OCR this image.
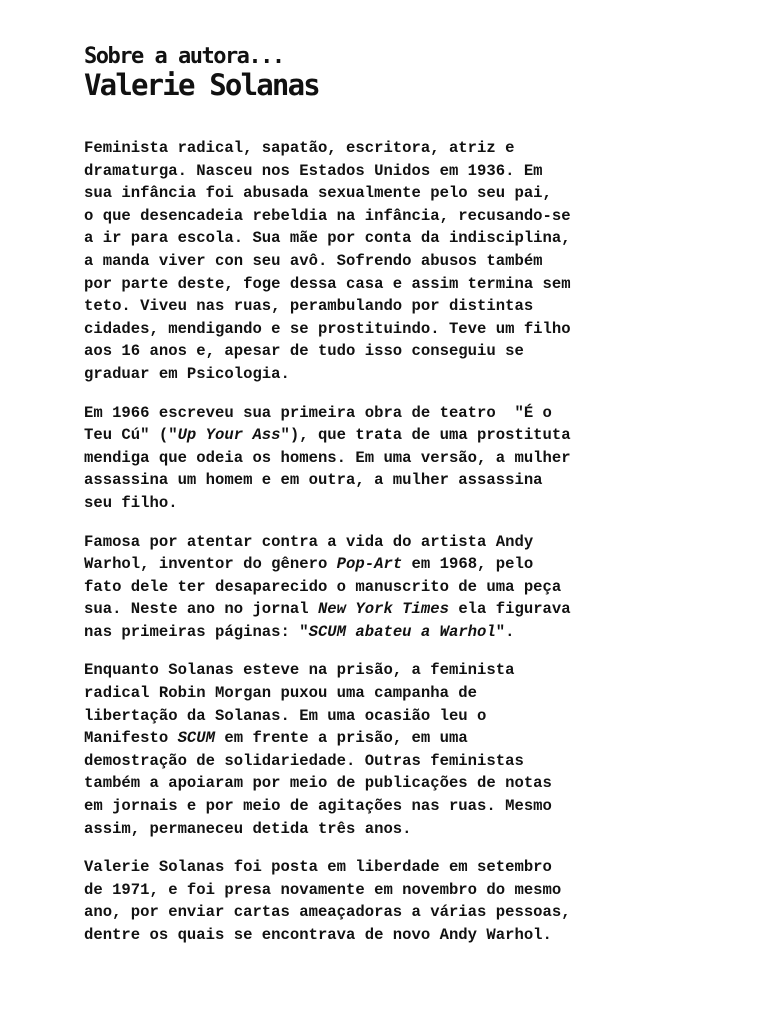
Sobre a autora...
Valerie Solanas

Feminista radical, sapatão, escritora, atriz e
dramaturga. Nasceu nos Estados Unidos em 1936. Em
sua infância foi abusada sexualmente pelo seu pai,
o que desencadeia rebeldia na infância, recusando-se
a ir para escola. Sua mãe por conta da indisciplina,
a manda viver con seu avô. Sofrendo abusos também
por parte deste, foge dessa casa e assim termina sem
teto. Viveu nas ruas, perambulando por distintas
cidades, mendigando e se prostituindo. Teve um filho
aos 16 anos e, apesar de tudo isso conseguiu se
graduar em Psicologia.

Em 1966 escreveu sua primeira obra de teatro  "É o
Teu Cú" ("Up Your Ass"), que trata de uma prostituta
mendiga que odeia os homens. Em uma versão, a mulher
assassina um homem e em outra, a mulher assassina
seu filho.

Famosa por atentar contra a vida do artista Andy
Warhol, inventor do gênero Pop-Art em 1968, pelo
fato dele ter desaparecido o manuscrito de uma peça
sua. Neste ano no jornal New York Times ela figurava
nas primeiras páginas: "SCUM abateu a Warhol".

Enquanto Solanas esteve na prisão, a feminista
radical Robin Morgan puxou uma campanha de
libertação da Solanas. Em uma ocasião leu o
Manifesto SCUM em frente a prisão, em uma
demostração de solidariedade. Outras feministas
também a apoiaram por meio de publicações de notas
em jornais e por meio de agitações nas ruas. Mesmo
assim, permaneceu detida três anos.

Valerie Solanas foi posta em liberdade em setembro
de 1971, e foi presa novamente em novembro do mesmo
ano, por enviar cartas ameaçadoras a várias pessoas,
dentre os quais se encontrava de novo Andy Warhol.
